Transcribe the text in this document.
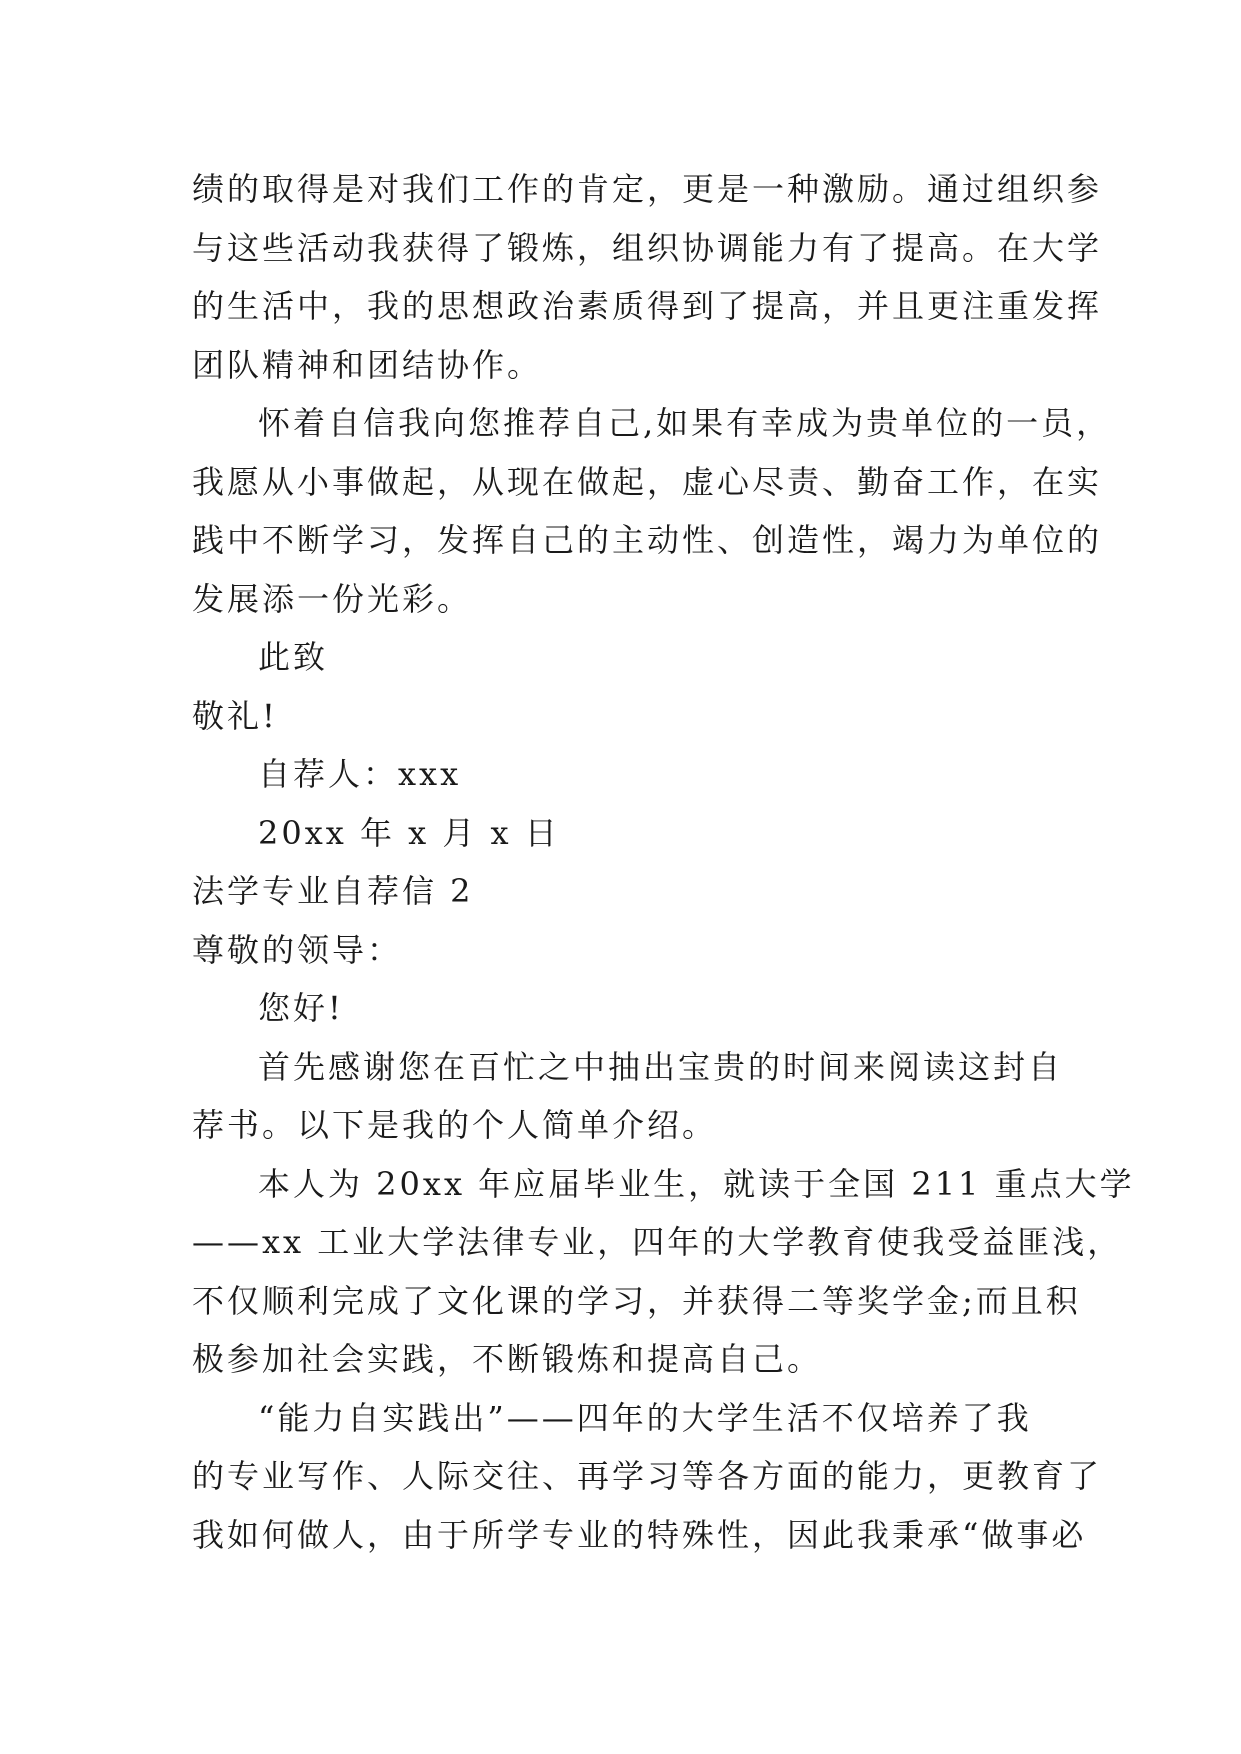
绩的取得是对我们工作的肯定，更是一种激励。通过组织参
与这些活动我获得了锻炼，组织协调能力有了提高。在大学
的生活中，我的思想政治素质得到了提高，并且更注重发挥
团队精神和团结协作。
怀着自信我向您推荐自己,如果有幸成为贵单位的一员，
我愿从小事做起，从现在做起，虚心尽责、勤奋工作，在实
践中不断学习，发挥自己的主动性、创造性，竭力为单位的
发展添一份光彩。
此致
敬礼!
自荐人：xxx
20xx 年 x 月 x 日
法学专业自荐信 2
尊敬的领导：
您好!
首先感谢您在百忙之中抽出宝贵的时间来阅读这封自
荐书。以下是我的个人简单介绍。
本人为 20xx 年应届毕业生，就读于全国 211 重点大学
——xx 工业大学法律专业，四年的大学教育使我受益匪浅，
不仅顺利完成了文化课的学习，并获得二等奖学金;而且积
极参加社会实践，不断锻炼和提高自己。
“能力自实践出”——四年的大学生活不仅培养了我
的专业写作、人际交往、再学习等各方面的能力，更教育了
我如何做人，由于所学专业的特殊性，因此我秉承“做事必
